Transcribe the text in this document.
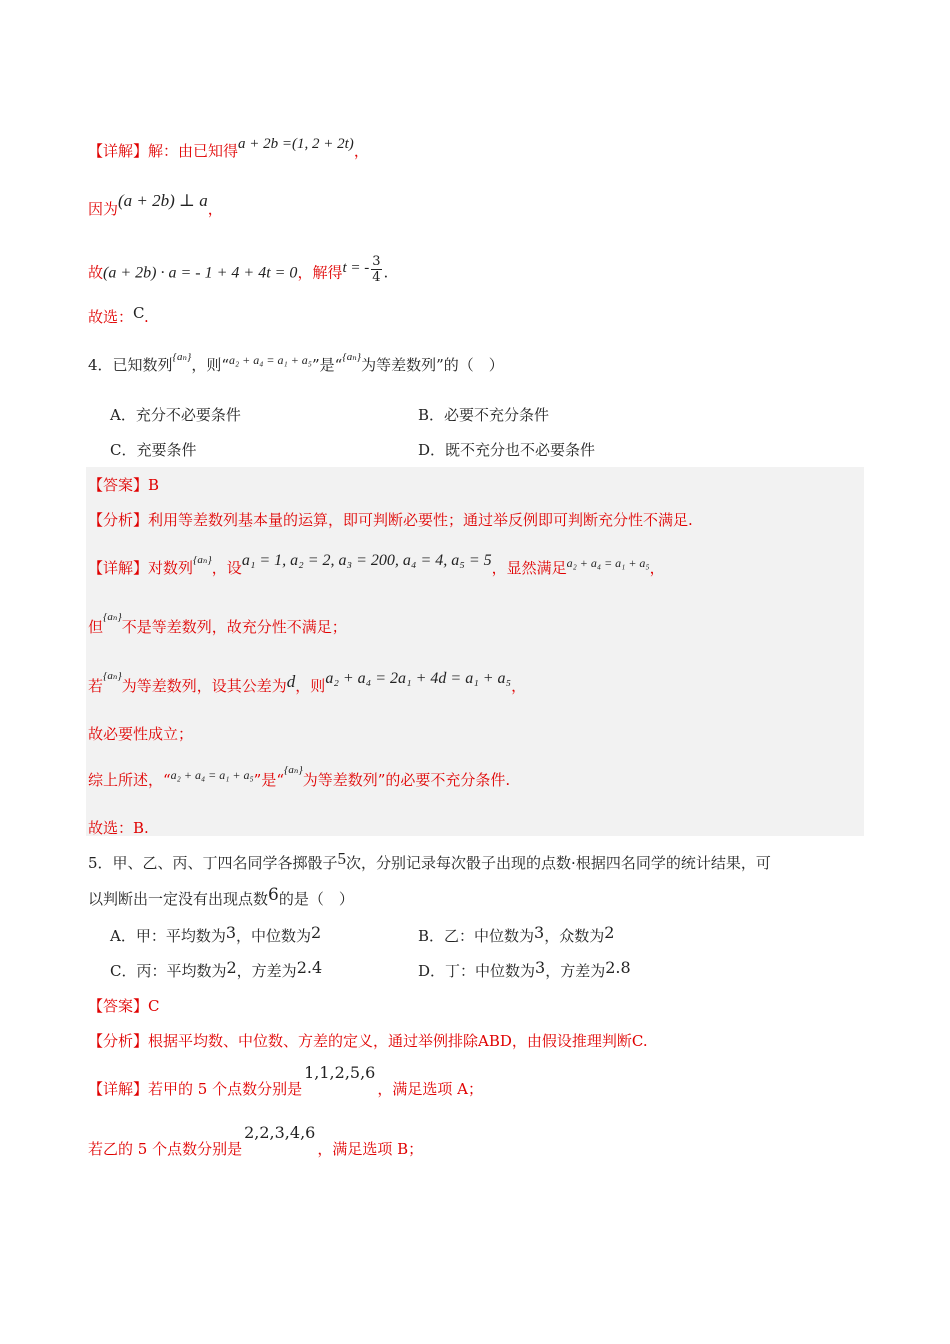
【详解】解：由已知得a + 2b =(1, 2 + 2t)，
因为(a + 2b) ⊥ a，
故(a + 2b) · a = - 1 + 4 + 4t = 0，解得t = - $\frac{3}{4}$ .
故选：C.
4．已知数列$^{\{a_n\}}$，则“$^{a_2 + a_4 = a_1 + a_5}$”是“$^{\{a_n\}}$为等差数列”的（　）
A．充分不必要条件	B．必要不充分条件
C．充要条件	D．既不充分也不必要条件
【答案】B
【分析】利用等差数列基本量的运算，即可判断必要性；通过举反例即可判断充分性不满足.
【详解】对数列$^{\{a_n\}}$，设a₁ = 1, a₂ = 2, a₃ = 200, a₄ = 4, a₅ = 5，显然满足$^{a_2 + a_4 = a_1 + a_5}$，
但$^{\{a_n\}}$不是等差数列，故充分性不满足；
若$^{\{a_n\}}$为等差数列，设其公差为d，则a₂ + a₄ = 2a₁ + 4d = a₁ + a₅，
故必要性成立；
综上所述，“$^{a_2 + a_4 = a_1 + a_5}$”是“$^{\{a_n\}}$为等差数列”的必要不充分条件.
故选：B.
5．甲、乙、丙、丁四名同学各掷骰子5次，分别记录每次骰子出现的点数·根据四名同学的统计结果，可
以判断出一定没有出现点数6的是（　）
A．甲：平均数为3，中位数为2	B．乙：中位数为3，众数为2
C．丙：平均数为2，方差为2.4	D．丁：中位数为3，方差为2.8
【答案】C
【分析】根据平均数、中位数、方差的定义，通过举例排除ABD，由假设推理判断C.
【详解】若甲的 5 个点数分别是1,1,2,5,6，满足选项 A；
若乙的 5 个点数分别是2,2,3,4,6，满足选项 B；
